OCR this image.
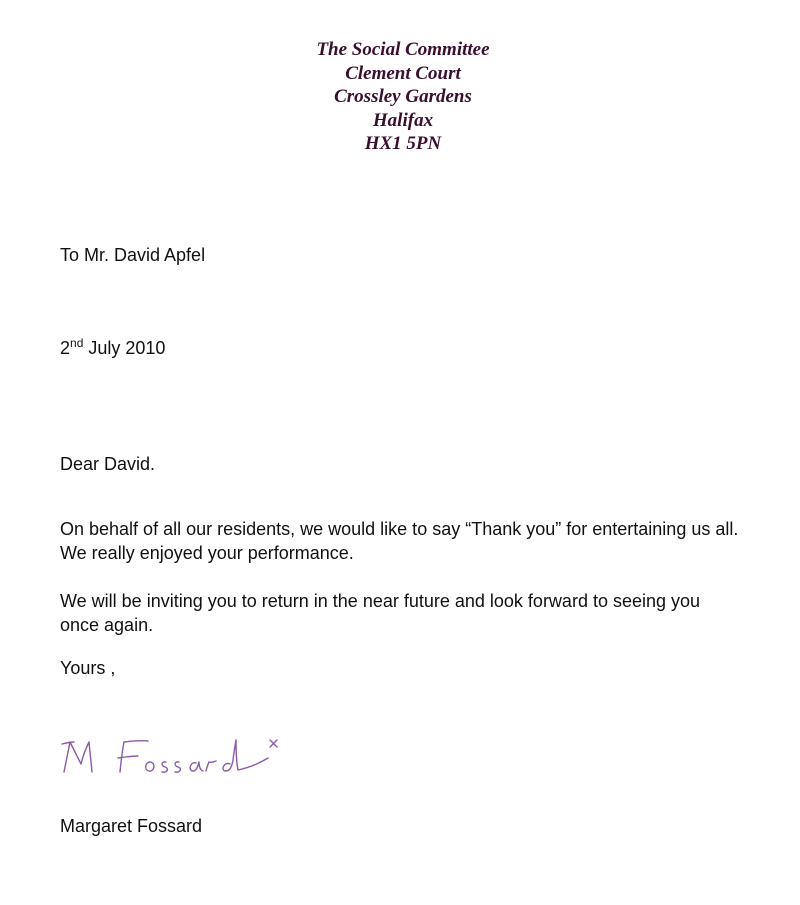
The Social Committee
Clement Court
Crossley Gardens
Halifax
HX1 5PN
To Mr. David Apfel
2nd July 2010
Dear David.
On behalf of all our residents, we would like to say “Thank you” for entertaining us all. We really enjoyed your performance.
We will be inviting you to return in the near future and look forward to seeing you once again.
Yours ,
Margaret Fossard
